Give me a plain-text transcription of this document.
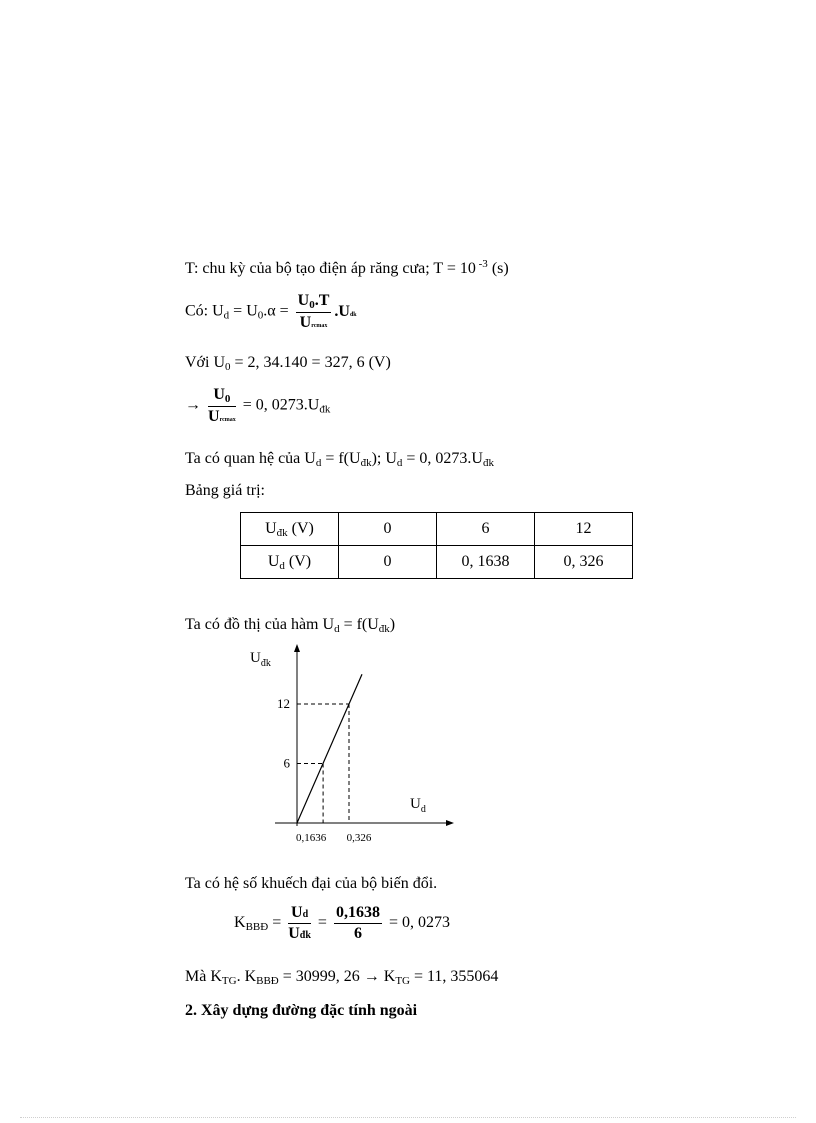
T: chu kỳ của bộ tạo điện áp răng cưa; T = 10 $^{-3}$ (s)
Có: $U_d = U_0.\alpha = \frac{U_0.T}{\text{Urcmax}}$ .Uđk
Với $U_0 = 2$, 34.140 = 327, 6 (V)
→ $\frac{U_0}{\text{Urcmax}} = 0$, $0273.U_{đk}$
Ta có quan hệ của $U_d = f(U_{đk})$; $U_d = 0$, $0273.U_{đk}$
Bảng giá trị:
$U_{đk}$ (V)	0	6	12
$U_d$ (V)	0	0, 1638	0, 326
Ta có đồ thị của hàm $U_d = f(U_{đk})$
$U_{đk}$
$U_d$
12
6
0,1636 0,326
Ta có hệ số khuếch đại của bộ biến đổi.
$K_{BBĐ} = \frac{Ud}{\text{Uđk}} = \frac{0,1638}{6} = 0$, 0273
Mà $K_{TG}$. $K_{BBĐ} = 30999$, $26 \to K_{TG} = 11$, 355064
2. Xây dựng đường đặc tính ngoài
